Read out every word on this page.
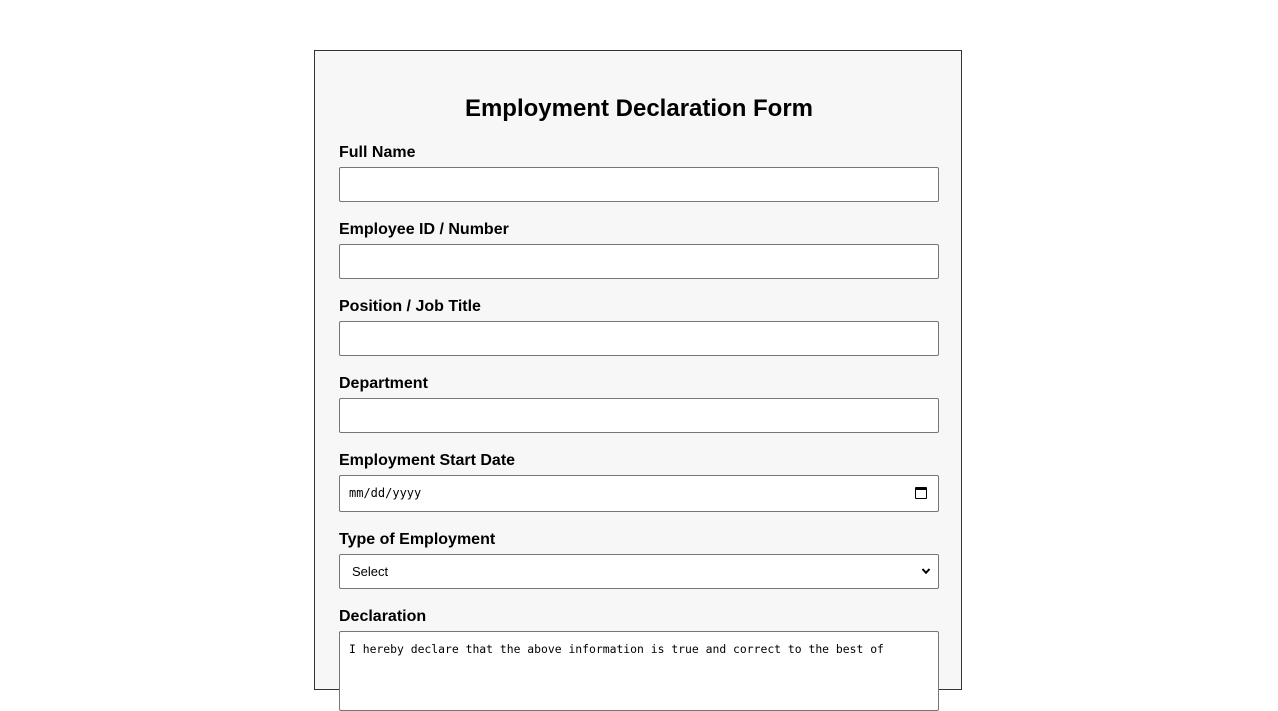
Employment Declaration Form
Full Name
Employee ID / Number
Position / Job Title
Department
Employment Start Date
mm/dd/yyyy
Type of Employment
Select
Declaration
I hereby declare that the above information is true and correct to the best of
